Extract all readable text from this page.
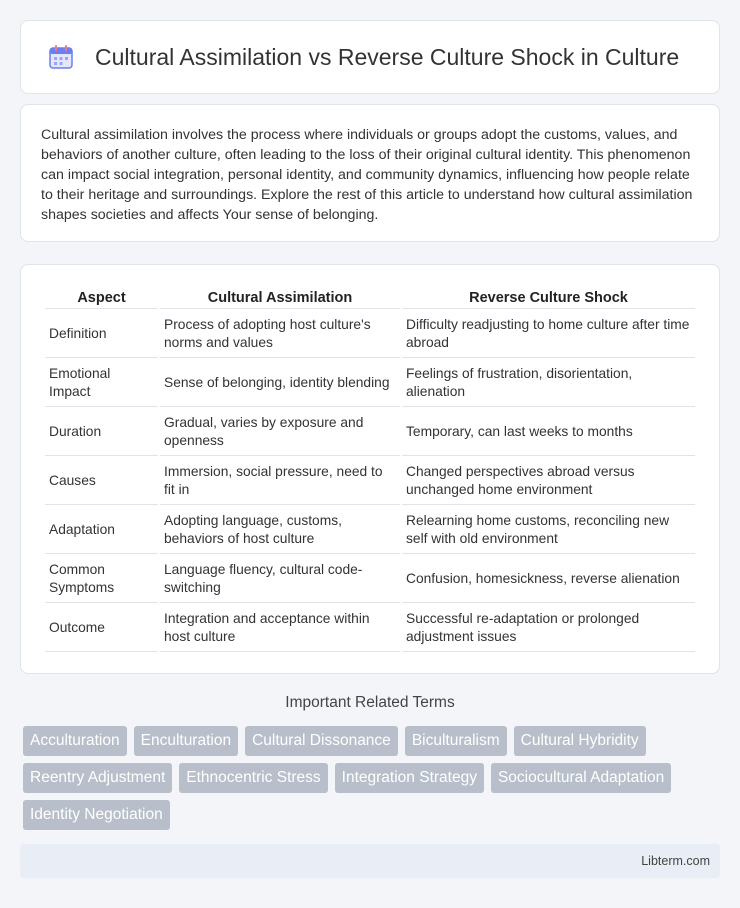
Cultural Assimilation vs Reverse Culture Shock in Culture

Cultural assimilation involves the process where individuals or groups adopt the customs, values, and behaviors of another culture, often leading to the loss of their original cultural identity. This phenomenon can impact social integration, personal identity, and community dynamics, influencing how people relate to their heritage and surroundings. Explore the rest of this article to understand how cultural assimilation shapes societies and affects Your sense of belonging.

Aspect	Cultural Assimilation	Reverse Culture Shock
Definition	Process of adopting host culture's norms and values	Difficulty readjusting to home culture after time abroad
Emotional Impact	Sense of belonging, identity blending	Feelings of frustration, disorientation, alienation
Duration	Gradual, varies by exposure and openness	Temporary, can last weeks to months
Causes	Immersion, social pressure, need to fit in	Changed perspectives abroad versus unchanged home environment
Adaptation	Adopting language, customs, behaviors of host culture	Relearning home customs, reconciling new self with old environment
Common Symptoms	Language fluency, cultural code-switching	Confusion, homesickness, reverse alienation
Outcome	Integration and acceptance within host culture	Successful re-adaptation or prolonged adjustment issues
Important Related Terms
Acculturation	Enculturation	Cultural Dissonance	Biculturalism	Cultural Hybridity
Reentry Adjustment	Ethnocentric Stress	Integration Strategy	Sociocultural Adaptation
Identity Negotiation
Libterm.com
